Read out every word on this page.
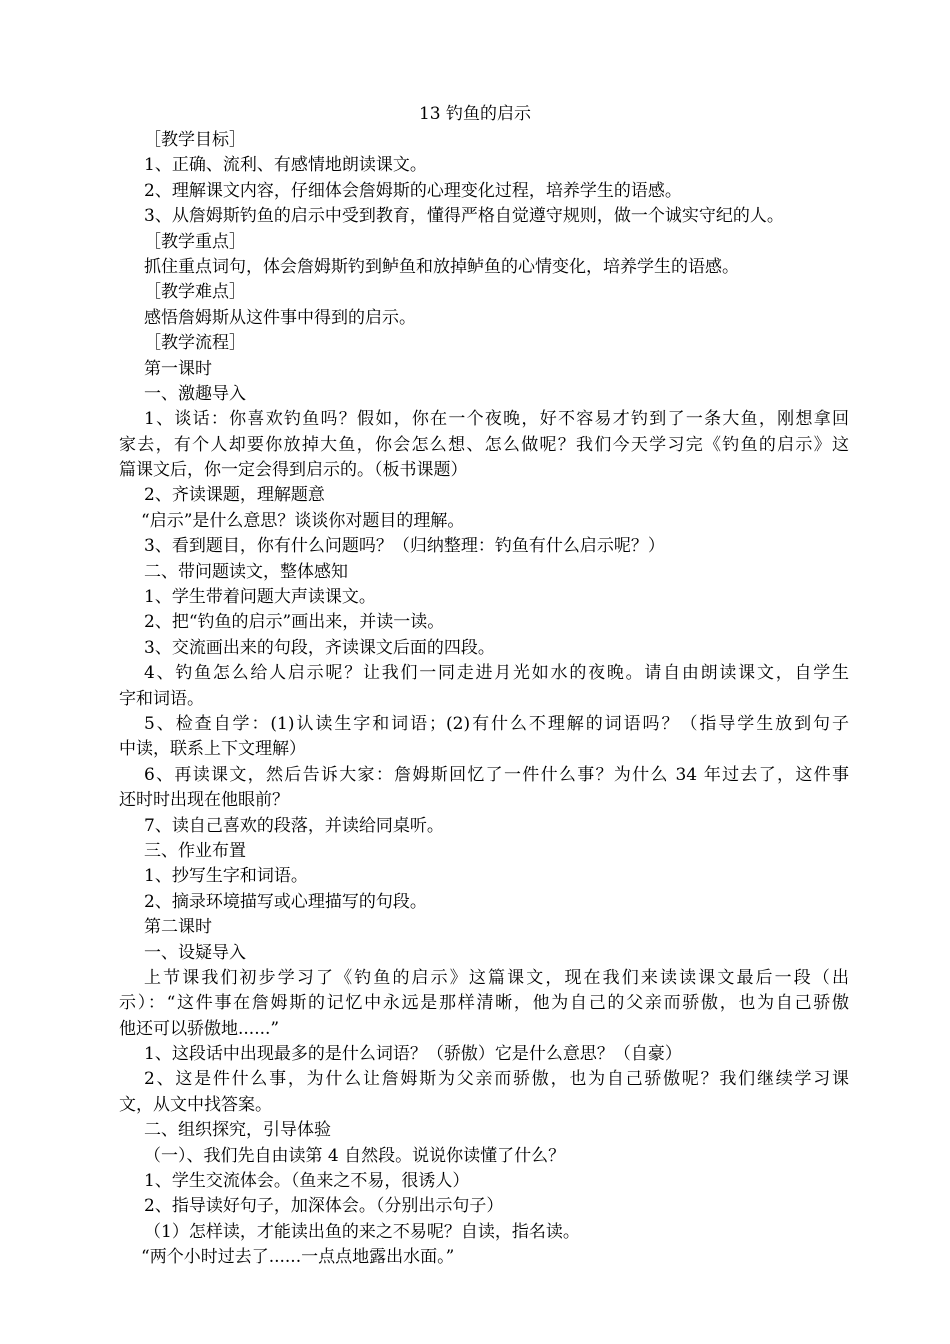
13 钓鱼的启示
［教学目标］
1、正确、流利、有感情地朗读课文。
2、理解课文内容，仔细体会詹姆斯的心理变化过程，培养学生的语感。
3、从詹姆斯钓鱼的启示中受到教育，懂得严格自觉遵守规则，做一个诚实守纪的人。
［教学重点］
抓住重点词句，体会詹姆斯钓到鲈鱼和放掉鲈鱼的心情变化，培养学生的语感。
［教学难点］
感悟詹姆斯从这件事中得到的启示。
［教学流程］
第一课时
一、激趣导入
1、谈话：你喜欢钓鱼吗？假如，你在一个夜晚，好不容易才钓到了一条大鱼，刚想拿回
家去，有个人却要你放掉大鱼，你会怎么想、怎么做呢？我们今天学习完《钓鱼的启示》这
篇课文后，你一定会得到启示的。（板书课题）
2、齐读课题，理解题意
“启示”是什么意思？谈谈你对题目的理解。
3、看到题目，你有什么问题吗？（归纳整理：钓鱼有什么启示呢？）
二、带问题读文，整体感知
1、学生带着问题大声读课文。
2、把“钓鱼的启示”画出来，并读一读。
3、交流画出来的句段，齐读课文后面的四段。
4、钓鱼怎么给人启示呢？让我们一同走进月光如水的夜晚。请自由朗读课文，自学生
字和词语。
5、检查自学：(1)认读生字和词语；(2)有什么不理解的词语吗？（指导学生放到句子
中读，联系上下文理解）
6、再读课文，然后告诉大家：詹姆斯回忆了一件什么事？为什么 34 年过去了，这件事
还时时出现在他眼前？
7、读自己喜欢的段落，并读给同桌听。
三、作业布置
1、抄写生字和词语。
2、摘录环境描写或心理描写的句段。
第二课时
一、设疑导入
上节课我们初步学习了《钓鱼的启示》这篇课文，现在我们来读读课文最后一段（出
示）：“这件事在詹姆斯的记忆中永远是那样清晰，他为自己的父亲而骄傲，也为自己骄傲
他还可以骄傲地......”
1、这段话中出现最多的是什么词语？（骄傲）它是什么意思？（自豪）
2、这是件什么事，为什么让詹姆斯为父亲而骄傲，也为自己骄傲呢？我们继续学习课
文，从文中找答案。
二、组织探究，引导体验
（一）、我们先自由读第 4 自然段。说说你读懂了什么？
1、学生交流体会。（鱼来之不易，很诱人）
2、指导读好句子，加深体会。（分别出示句子）
（1）怎样读，才能读出鱼的来之不易呢？自读，指名读。
“两个小时过去了......一点点地露出水面。”
